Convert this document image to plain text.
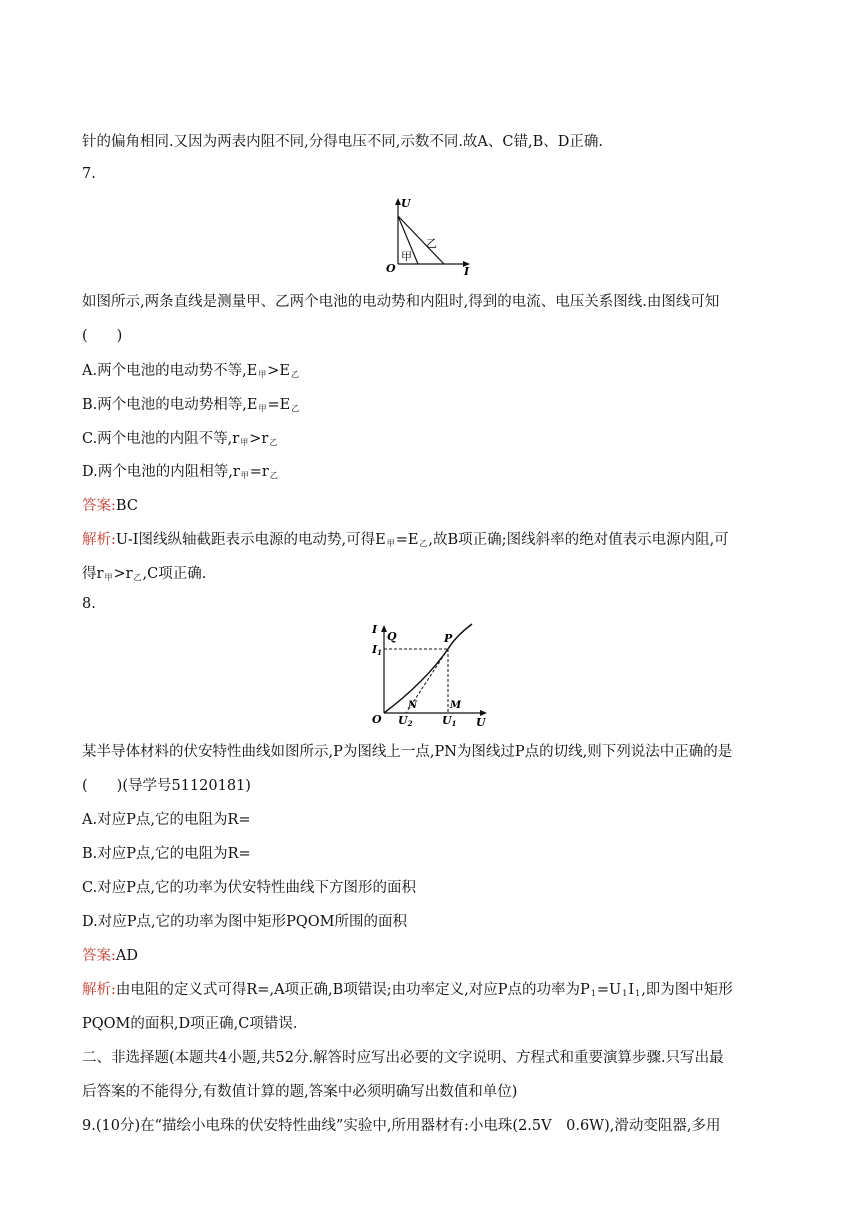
针的偏角相同.又因为两表内阻不同,分得电压不同,示数不同.故A、C错,B、D正确.
7.
U
I
O
甲
乙
如图所示,两条直线是测量甲、乙两个电池的电动势和内阻时,得到的电流、电压关系图线.由图线可知
(　　)
A.两个电池的电动势不等$,E_甲>E_乙$
B.两个电池的电动势相等$,E_甲=E_乙$
C.两个电池的内阻不等$,r_甲>r_乙$
D.两个电池的内阻相等$,r_甲=r_乙$
答案:BC
解析:U-I图线纵轴截距表示电源的电动势,可得$E_甲=E_乙$,故B项正确;图线斜率的绝对值表示电源内阻,可
得$r_甲>r_乙,C$项正确.
8.
I
Q	P
I1
N	M
O U2	U1 U
某半导体材料的伏安特性曲线如图所示,P为图线上一点,PN为图线过P点的切线,则下列说法中正确的是
(　　)(导学号51120181)
A.对应P点,它的电阻为R=
B.对应P点,它的电阻为R=
C.对应P点,它的功率为伏安特性曲线下方图形的面积
D.对应P点,它的功率为图中矩形PQOM所围的面积
答案:AD
解析:由电阻的定义式可得R=,A项正确,B项错误;由功率定义,对应P点的功率为$P_1=U_1I_1$,即为图中矩形
PQOM的面积,D项正确,C项错误.
二、非选择题(本题共4小题,共52分.解答时应写出必要的文字说明、方程式和重要演算步骤.只写出最
后答案的不能得分,有数值计算的题,答案中必须明确写出数值和单位)
9.(10分)在“描绘小电珠的伏安特性曲线”实验中,所用器材有:小电珠(2.5V　0.6W),滑动变阻器,多用
